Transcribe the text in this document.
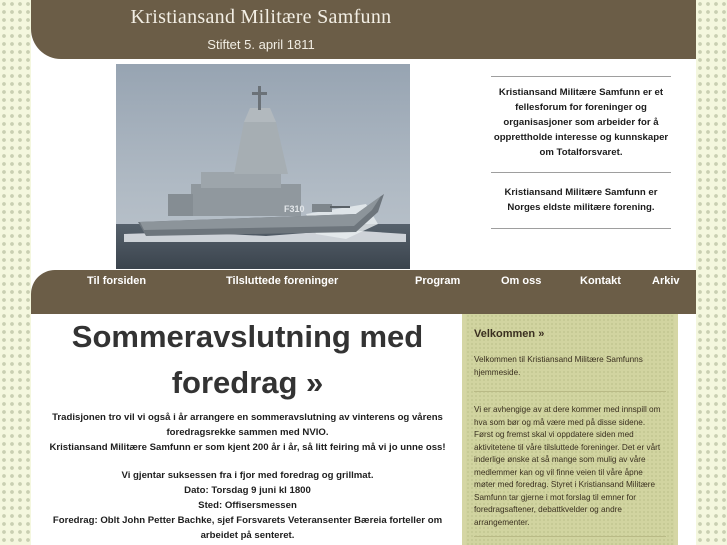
Kristiansand Militære Samfunn
Stiftet 5. april 1811
F310
Kristiansand Militære Samfunn er et fellesforum for foreninger og organisasjoner som arbeider for å opprettholde interesse og kunnskaper om Totalforsvaret.
Kristiansand Militære Samfunn er Norges eldste militære forening.
Til forsiden	Tilsluttede foreninger	Program	Om oss	Kontakt	Arkiv
Sommeravslutning med foredrag »

Tradisjonen tro vil vi også i år arrangere en sommeravslutning av vinterens og vårens foredragsrekke sammen med NVIO.

Kristiansand Militære Samfunn er som kjent 200 år i år, så litt feiring må vi jo unne oss!

Vi gjentar suksessen fra i fjor med foredrag og grillmat.

Dato: Torsdag 9 juni kl 1800

Sted: Offisersmessen

Foredrag: Oblt John Petter Bachke, sjef Forsvarets Veteransenter Bæreia forteller om arbeidet på senteret.

Velkommen »
Velkommen til Kristiansand Militære Samfunns hjemmeside.
Vi er avhengige av at dere kommer med innspill om hva som bør og må være med på disse sidene. Først og fremst skal vi oppdatere siden med aktivitetene til våre tilsluttede foreninger. Det er vårt inderlige ønske at så mange som mulig av våre medlemmer kan og vil finne veien til våre åpne møter med foredrag. Styret i Kristiansand Militære Samfunn tar gjerne i mot forslag til emner for foredragsaftener, debattkvelder og andre arrangementer.
